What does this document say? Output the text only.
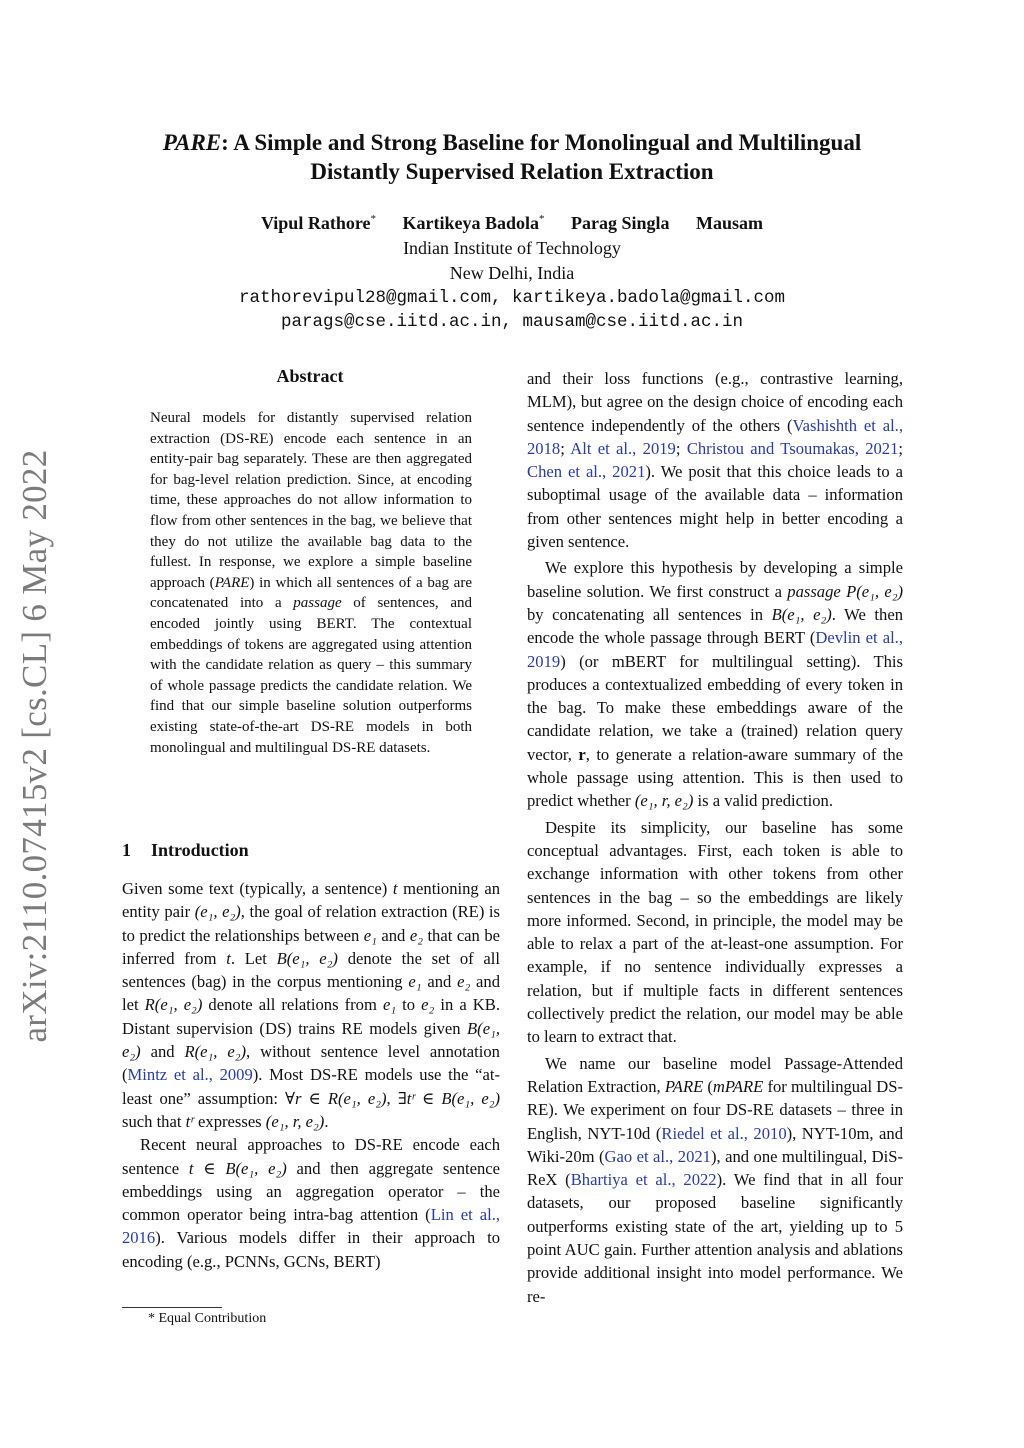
arXiv:2110.07415v2 [cs.CL] 6 May 2022
PARE: A Simple and Strong Baseline for Monolingual and Multilingual
Distantly Supervised Relation Extraction
Vipul Rathore* Kartikeya Badola* Parag Singla Mausam
Indian Institute of Technology
New Delhi, India
rathorevipul28@gmail.com, kartikeya.badola@gmail.com
parags@cse.iitd.ac.in, mausam@cse.iitd.ac.in
Abstract
Neural models for distantly supervised relation extraction (DS-RE) encode each sentence in an entity-pair bag separately. These are then aggregated for bag-level relation prediction. Since, at encoding time, these approaches do not allow information to flow from other sentences in the bag, we believe that they do not utilize the available bag data to the fullest. In response, we explore a simple baseline approach (PARE) in which all sentences of a bag are concatenated into a passage of sentences, and encoded jointly using BERT. The contextual embeddings of tokens are aggregated using attention with the candidate relation as query – this summary of whole passage predicts the candidate relation. We find that our simple baseline solution outperforms existing state-of-the-art DS-RE models in both monolingual and multilingual DS-RE datasets.
1 Introduction

Given some text (typically, a sentence) t mentioning an entity pair (e₁, e₂), the goal of relation extraction (RE) is to predict the relationships between e₁ and e₂ that can be inferred from t. Let B(e₁, e₂) denote the set of all sentences (bag) in the corpus mentioning e₁ and e₂ and let R(e₁, e₂) denote all relations from e₁ to e₂ in a KB. Distant supervision (DS) trains RE models given B(e₁, e₂) and R(e₁, e₂), without sentence level annotation (Mintz et al., 2009). Most DS-RE models use the “at-least one” assumption: ∀r ∈ R(e₁, e₂), ∃tʳ ∈ B(e₁, e₂) such that tʳ expresses (e₁, r, e₂).

Recent neural approaches to DS-RE encode each sentence t ∈ B(e₁, e₂) and then aggregate sentence embeddings using an aggregation operator – the common operator being intra-bag attention (Lin et al., 2016). Various models differ in their approach to encoding (e.g., PCNNs, GCNs, BERT)

* Equal Contribution

and their loss functions (e.g., contrastive learning, MLM), but agree on the design choice of encoding each sentence independently of the others (Vashishth et al., 2018; Alt et al., 2019; Christou and Tsoumakas, 2021; Chen et al., 2021). We posit that this choice leads to a suboptimal usage of the available data – information from other sentences might help in better encoding a given sentence.

We explore this hypothesis by developing a simple baseline solution. We first construct a passage P(e₁, e₂) by concatenating all sentences in B(e₁, e₂). We then encode the whole passage through BERT (Devlin et al., 2019) (or mBERT for multilingual setting). This produces a contextualized embedding of every token in the bag. To make these embeddings aware of the candidate relation, we take a (trained) relation query vector, r, to generate a relation-aware summary of the whole passage using attention. This is then used to predict whether (e₁, r, e₂) is a valid prediction.

Despite its simplicity, our baseline has some conceptual advantages. First, each token is able to exchange information with other tokens from other sentences in the bag – so the embeddings are likely more informed. Second, in principle, the model may be able to relax a part of the at-least-one assumption. For example, if no sentence individually expresses a relation, but if multiple facts in different sentences collectively predict the relation, our model may be able to learn to extract that.

We name our baseline model Passage-Attended Relation Extraction, PARE (mPARE for multilingual DS-RE). We experiment on four DS-RE datasets – three in English, NYT-10d (Riedel et al., 2010), NYT-10m, and Wiki-20m (Gao et al., 2021), and one multilingual, DiS-ReX (Bhartiya et al., 2022). We find that in all four datasets, our proposed baseline significantly outperforms existing state of the art, yielding up to 5 point AUC gain. Further attention analysis and ablations provide additional insight into model performance. We re-
